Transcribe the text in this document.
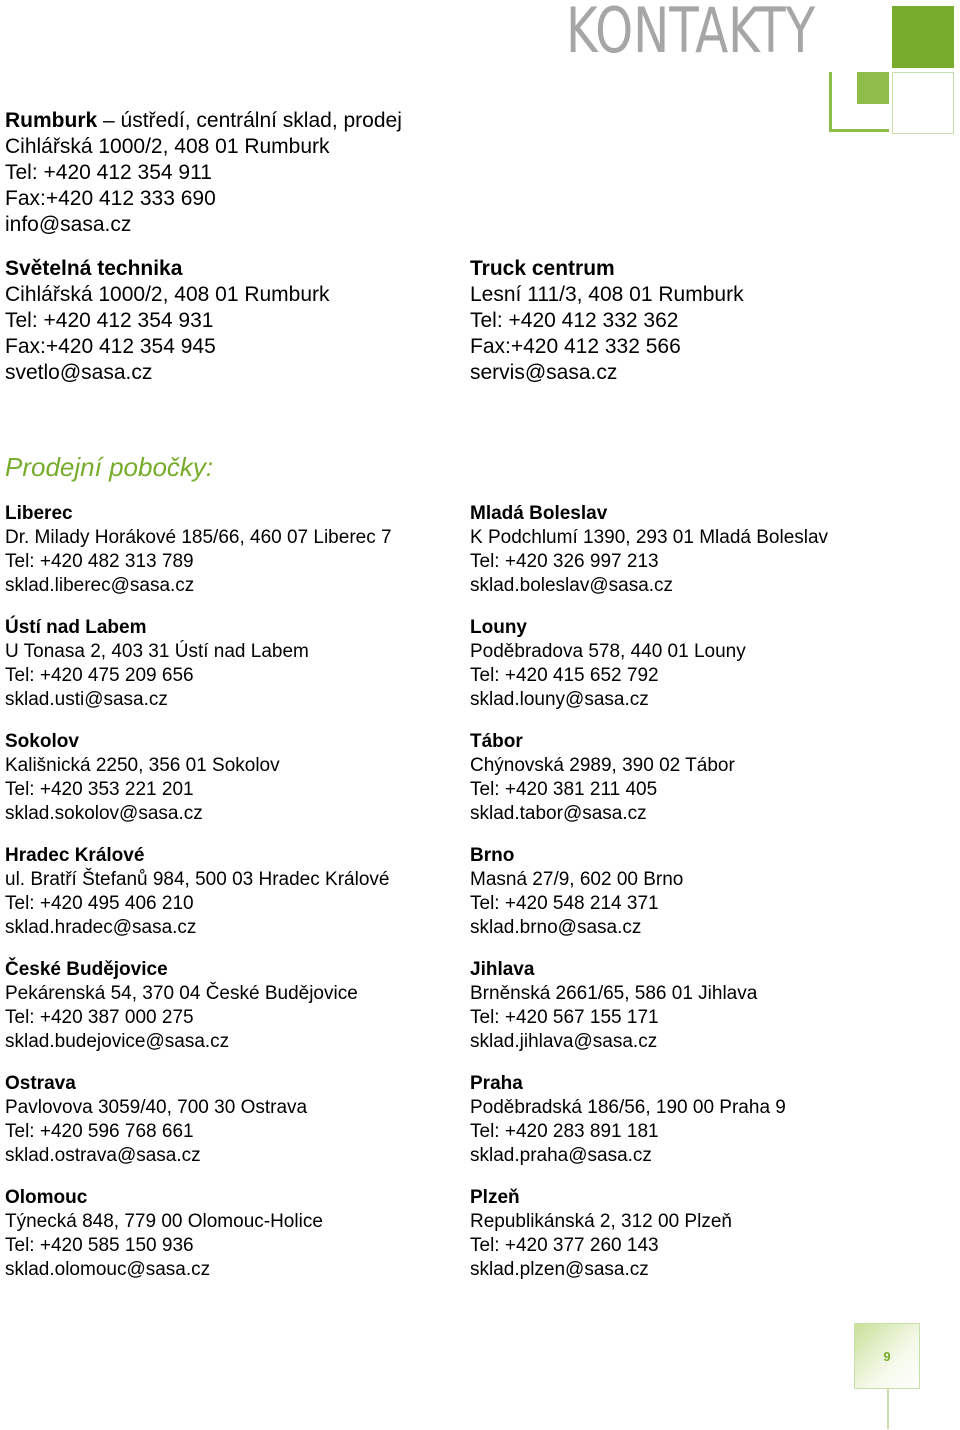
KONTAKTY
Rumburk – ústředí, centrální sklad, prodej
Cihlářská 1000/2, 408 01 Rumburk
Tel: +420 412 354 911
Fax:+420 412 333 690
info@sasa.cz
Světelná technika
Cihlářská 1000/2, 408 01 Rumburk
Tel: +420 412 354 931
Fax:+420 412 354 945
svetlo@sasa.cz
Truck centrum
Lesní 111/3, 408 01 Rumburk
Tel: +420 412 332 362
Fax:+420 412 332 566
servis@sasa.cz
Prodejní pobočky:
Liberec
Dr. Milady Horákové 185/66, 460 07 Liberec 7
Tel: +420 482 313 789
sklad.liberec@sasa.cz
Ústí nad Labem
U Tonasa 2, 403 31 Ústí nad Labem
Tel: +420 475 209 656
sklad.usti@sasa.cz
Sokolov
Kališnická 2250, 356 01 Sokolov
Tel: +420 353 221 201
sklad.sokolov@sasa.cz
Hradec Králové
ul. Bratří Štefanů 984, 500 03 Hradec Králové
Tel: +420 495 406 210
sklad.hradec@sasa.cz
České Budějovice
Pekárenská 54, 370 04 České Budějovice
Tel: +420 387 000 275
sklad.budejovice@sasa.cz
Ostrava
Pavlovova 3059/40, 700 30 Ostrava
Tel: +420 596 768 661
sklad.ostrava@sasa.cz
Olomouc
Týnecká 848, 779 00 Olomouc-Holice
Tel: +420 585 150 936
sklad.olomouc@sasa.cz
Mladá Boleslav
K Podchlumí 1390, 293 01 Mladá Boleslav
Tel: +420 326 997 213
sklad.boleslav@sasa.cz
Louny
Poděbradova 578, 440 01 Louny
Tel: +420 415 652 792
sklad.louny@sasa.cz
Tábor
Chýnovská 2989, 390 02 Tábor
Tel: +420 381 211 405
sklad.tabor@sasa.cz
Brno
Masná 27/9, 602 00 Brno
Tel: +420 548 214 371
sklad.brno@sasa.cz
Jihlava
Brněnská 2661/65, 586 01 Jihlava
Tel: +420 567 155 171
sklad.jihlava@sasa.cz
Praha
Poděbradská 186/56, 190 00 Praha 9
Tel: +420 283 891 181
sklad.praha@sasa.cz
Plzeň
Republikánská 2, 312 00 Plzeň
Tel: +420 377 260 143
sklad.plzen@sasa.cz
9
